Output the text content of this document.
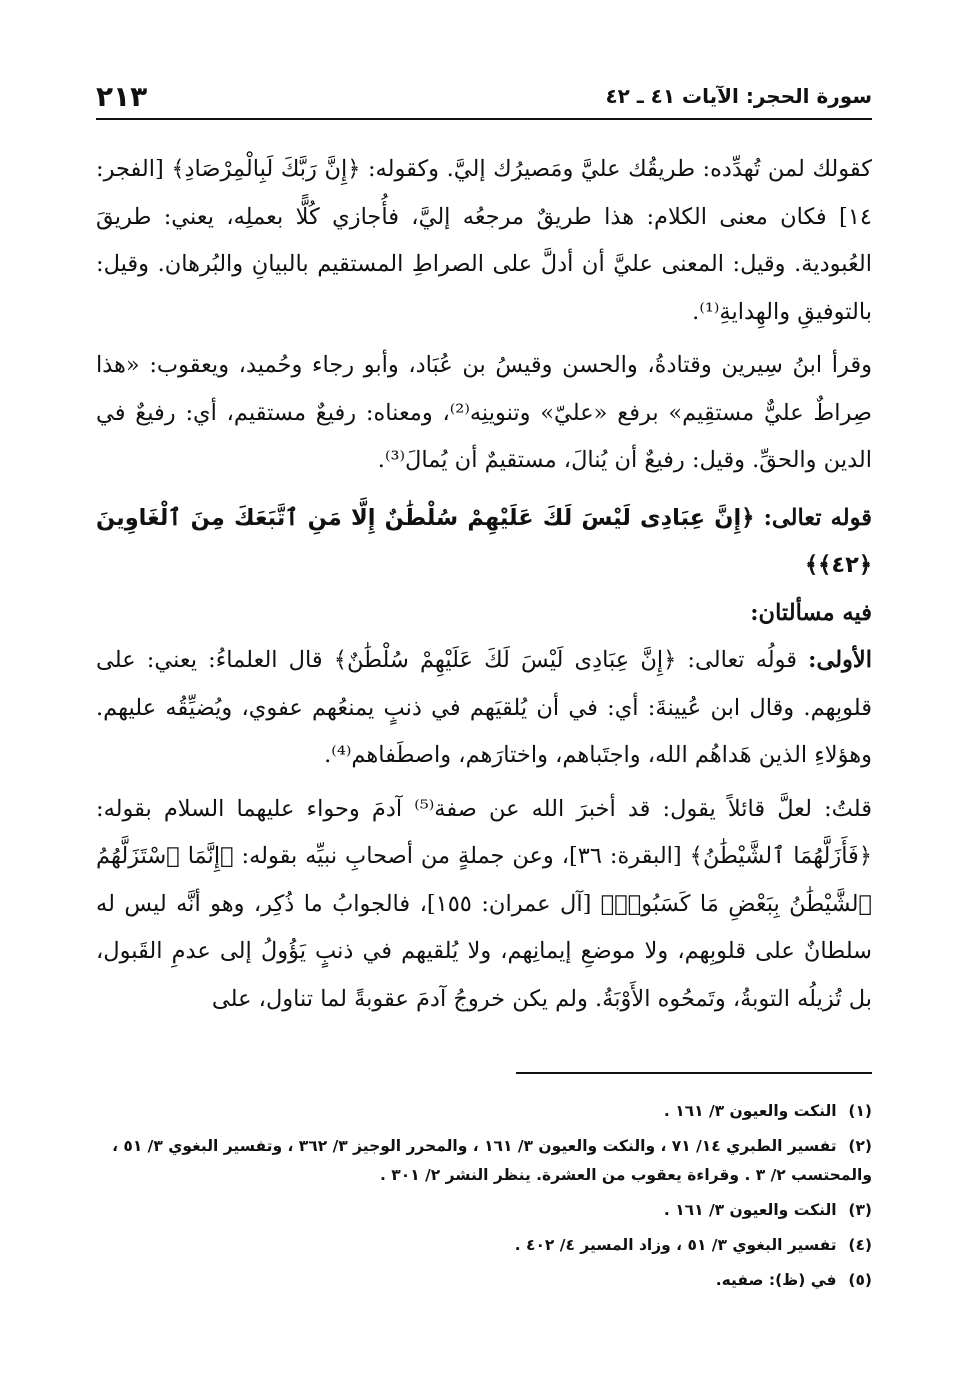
سورة الحجر: الآيات ٤١ ـ ٤٢
٢١٣

كقولك لمن تُهدِّده: طريقُك عليَّ ومَصيرُك إليَّ. وكقوله: ﴿إِنَّ رَبَّكَ لَبِالْمِرْصَادِ﴾ [الفجر: ١٤] فكان معنى الكلام: هذا طريقٌ مرجعُه إليَّ، فأُجازي كُلًّا بعملِه، يعني: طريقَ العُبودية. وقيل: المعنى عليَّ أن أدلَّ على الصراطِ المستقيم بالبيانِ والبُرهان. وقيل: بالتوفيقِ والهِدايةِ⁽¹⁾.

وقرأ ابنُ سِيرين وقتادةُ، والحسن وقيسُ بن عُبَاد، وأبو رجاء وحُميد، ويعقوب: «هذا صِراطٌ عليٌّ مستقِيم» برفع «عليّ» وتنوينِه⁽²⁾، ومعناه: رفيعٌ مستقيم، أي: رفيعٌ في الدين والحقِّ. وقيل: رفيعٌ أن يُنالَ، مستقيمٌ أن يُمالَ⁽³⁾.

قوله تعالى: ﴿إِنَّ عِبَادِى لَيْسَ لَكَ عَلَيْهِمْ سُلْطَٰنٌ إِلَّا مَنِ ٱتَّبَعَكَ مِنَ ٱلْغَاوِينَ ﴿٤٢﴾﴾

فيه مسألتان:

الأولى: قولُه تعالى: ﴿إِنَّ عِبَادِى لَيْسَ لَكَ عَلَيْهِمْ سُلْطَٰنٌ﴾ قال العلماءُ: يعني: على قلوبِهم. وقال ابن عُيينةَ: أي: في أن يُلقيَهم في ذنبٍ يمنعُهم عفوي، ويُضيِّقُه عليهم. وهؤلاءِ الذين هَداهُم الله، واجتَباهم، واختارَهم، واصطَفاهم⁽⁴⁾.

قلتُ: لعلَّ قائلاً يقول: قد أخبرَ الله عن صفة⁽⁵⁾ آدمَ وحواء عليهما السلام بقوله: ﴿فَأَزَلَّهُمَا ٱلشَّيْطَٰنُ﴾ [البقرة: ٣٦]، وعن جملةٍ من أصحابِ نبيِّه بقوله: ﴿إِنَّمَا ٱسْتَزَلَّهُمُ ٱلشَّيْطَٰنُ بِبَعْضِ مَا كَسَبُوا۟﴾ [آل عمران: ١٥٥]، فالجوابُ ما ذُكِر، وهو أنَّه ليس له سلطانٌ على قلوبِهم، ولا موضعِ إيمانِهم، ولا يُلقيهم في ذنبٍ يَؤُولُ إلى عدمِ القَبول، بل تُزيلُه التوبةُ، وتَمحُوه الأَوْبَةُ. ولم يكن خروجُ آدمَ عقوبةً لما تناول، على

(١) النكت والعيون ٣/ ١٦١ .

(٢) تفسير الطبري ١٤/ ٧١ ، والنكت والعيون ٣/ ١٦١ ، والمحرر الوجيز ٣/ ٣٦٢ ، وتفسير البغوي ٣/ ٥١ ، والمحتسب ٢/ ٣ . وقراءة يعقوب من العشرة. ينظر النشر ٢/ ٣٠١ .

(٣) النكت والعيون ٣/ ١٦١ .

(٤) تفسير البغوي ٣/ ٥١ ، وزاد المسير ٤/ ٤٠٢ .

(٥) في (ظ): صفيه.
